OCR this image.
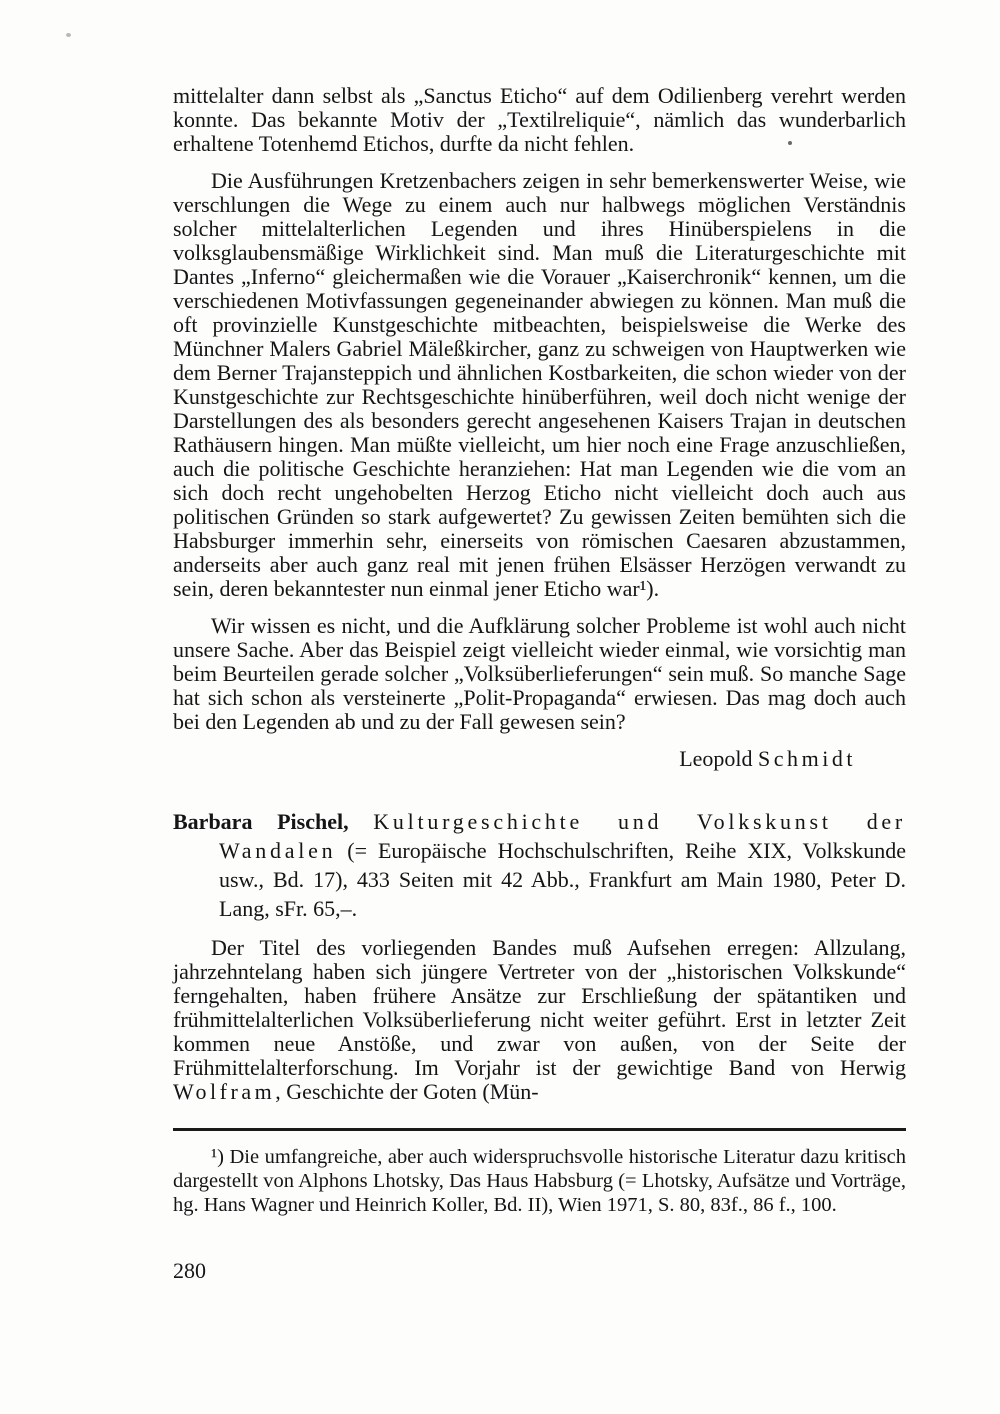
mittelalter dann selbst als „Sanctus Eticho“ auf dem Odilienberg verehrt werden konnte. Das bekannte Motiv der „Textilreliquie“, nämlich das wunderbarlich erhaltene Totenhemd Etichos, durfte da nicht fehlen.

Die Ausführungen Kretzenbachers zeigen in sehr bemerkenswerter Weise, wie verschlungen die Wege zu einem auch nur halbwegs möglichen Verständnis solcher mittelalterlichen Legenden und ihres Hinüberspielens in die volksglaubensmäßige Wirklichkeit sind. Man muß die Literaturgeschichte mit Dantes „Inferno“ gleichermaßen wie die Vorauer „Kaiserchronik“ kennen, um die verschiedenen Motivfassungen gegeneinander abwiegen zu können. Man muß die oft provinzielle Kunstgeschichte mitbeachten, beispielsweise die Werke des Münchner Malers Gabriel Mäleßkircher, ganz zu schweigen von Hauptwerken wie dem Berner Trajansteppich und ähnlichen Kostbarkeiten, die schon wieder von der Kunstgeschichte zur Rechtsgeschichte hinüberführen, weil doch nicht wenige der Darstellungen des als besonders gerecht angesehenen Kaisers Trajan in deutschen Rathäusern hingen. Man müßte vielleicht, um hier noch eine Frage anzuschließen, auch die politische Geschichte heranziehen: Hat man Legenden wie die vom an sich doch recht ungehobelten Herzog Eticho nicht vielleicht doch auch aus politischen Gründen so stark aufgewertet? Zu gewissen Zeiten bemühten sich die Habsburger immerhin sehr, einerseits von römischen Caesaren abzustammen, anderseits aber auch ganz real mit jenen frühen Elsässer Herzögen verwandt zu sein, deren bekanntester nun einmal jener Eticho war¹).

Wir wissen es nicht, und die Aufklärung solcher Probleme ist wohl auch nicht unsere Sache. Aber das Beispiel zeigt vielleicht wieder einmal, wie vorsichtig man beim Beurteilen gerade solcher „Volksüberlieferungen“ sein muß. So manche Sage hat sich schon als versteinerte „Polit-Propaganda“ erwiesen. Das mag doch auch bei den Legenden ab und zu der Fall gewesen sein?

Leopold Schmidt

Barbara Pischel, Kulturgeschichte und Volkskunst der Wandalen (= Europäische Hochschulschriften, Reihe XIX, Volkskunde usw., Bd. 17), 433 Seiten mit 42 Abb., Frankfurt am Main 1980, Peter D. Lang, sFr. 65,–.

Der Titel des vorliegenden Bandes muß Aufsehen erregen: Allzulang, jahrzehntelang haben sich jüngere Vertreter von der „historischen Volkskunde“ ferngehalten, haben frühere Ansätze zur Erschließung der spätantiken und frühmittelalterlichen Volksüberlieferung nicht weiter geführt. Erst in letzter Zeit kommen neue Anstöße, und zwar von außen, von der Seite der Frühmittelalterforschung. Im Vorjahr ist der gewichtige Band von Herwig Wolfram, Geschichte der Goten (Mün-

¹) Die umfangreiche, aber auch widerspruchsvolle historische Literatur dazu kritisch dargestellt von Alphons Lhotsky, Das Haus Habsburg (= Lhotsky, Aufsätze und Vorträge, hg. Hans Wagner und Heinrich Koller, Bd. II), Wien 1971, S. 80, 83f., 86 f., 100.

280
